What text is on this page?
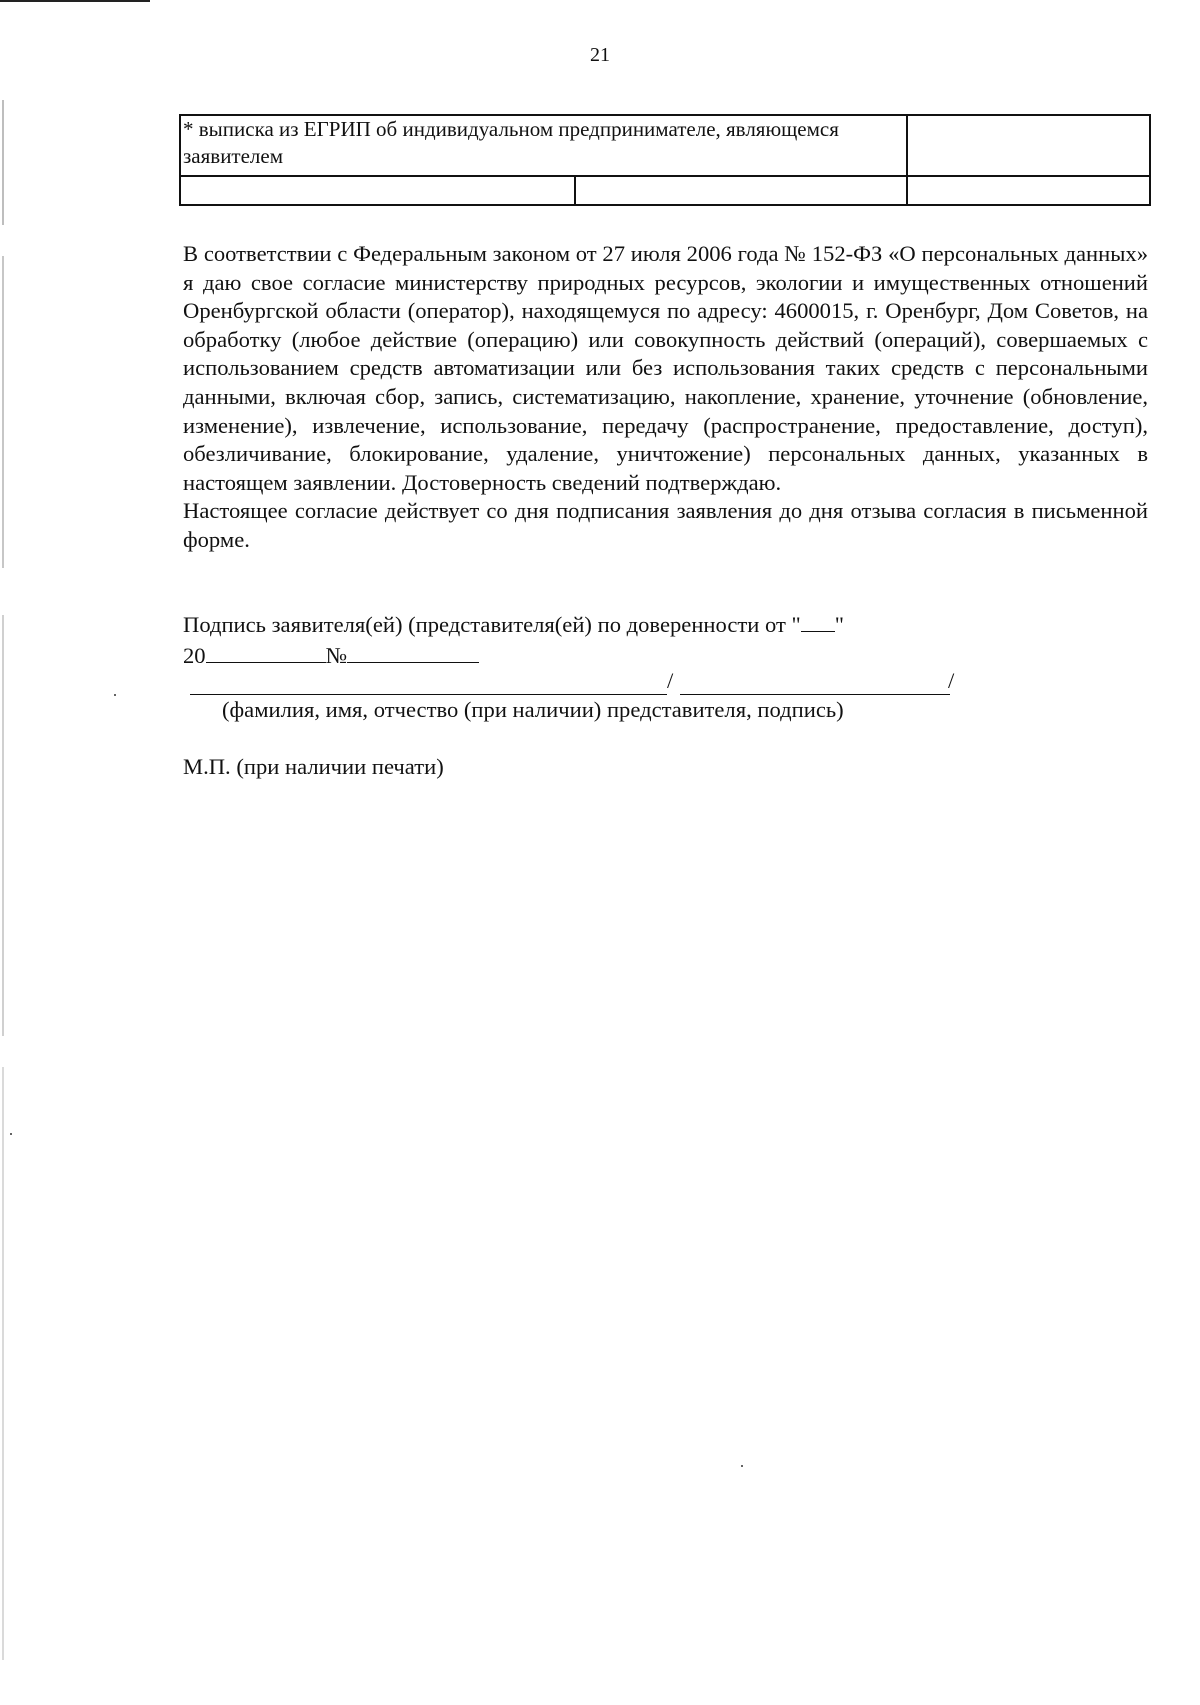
21
* выписка из ЕГРИП об индивидуальном предпринимателе, являющемся заявителем		

В соответствии с Федеральным законом от 27 июля 2006 года № 152-ФЗ «О персональных данных» я даю свое согласие министерству природных ресурсов, экологии и имущественных отношений Оренбургской области (оператор), находящемуся по адресу: 4600015, г. Оренбург, Дом Советов, на обработку (любое действие (операцию) или совокупность действий (операций), совершаемых с использованием средств автоматизации или без использования таких средств с персональными данными, включая сбор, запись, систематизацию, накопление, хранение, уточнение (обновление, изменение), извлечение, использование, передачу (распространение, предоставление, доступ), обезличивание, блокирование, удаление, уничтожение) персональных данных, указанных в настоящем заявлении. Достоверность сведений подтверждаю.

Настоящее согласие действует со дня подписания заявления до дня отзыва согласия в письменной форме.

Подпись заявителя(ей) (представителя(ей) по доверенности от " "
20	№
/	/
(фамилия, имя, отчество (при наличии) представителя, подпись)
М.П. (при наличии печати)
